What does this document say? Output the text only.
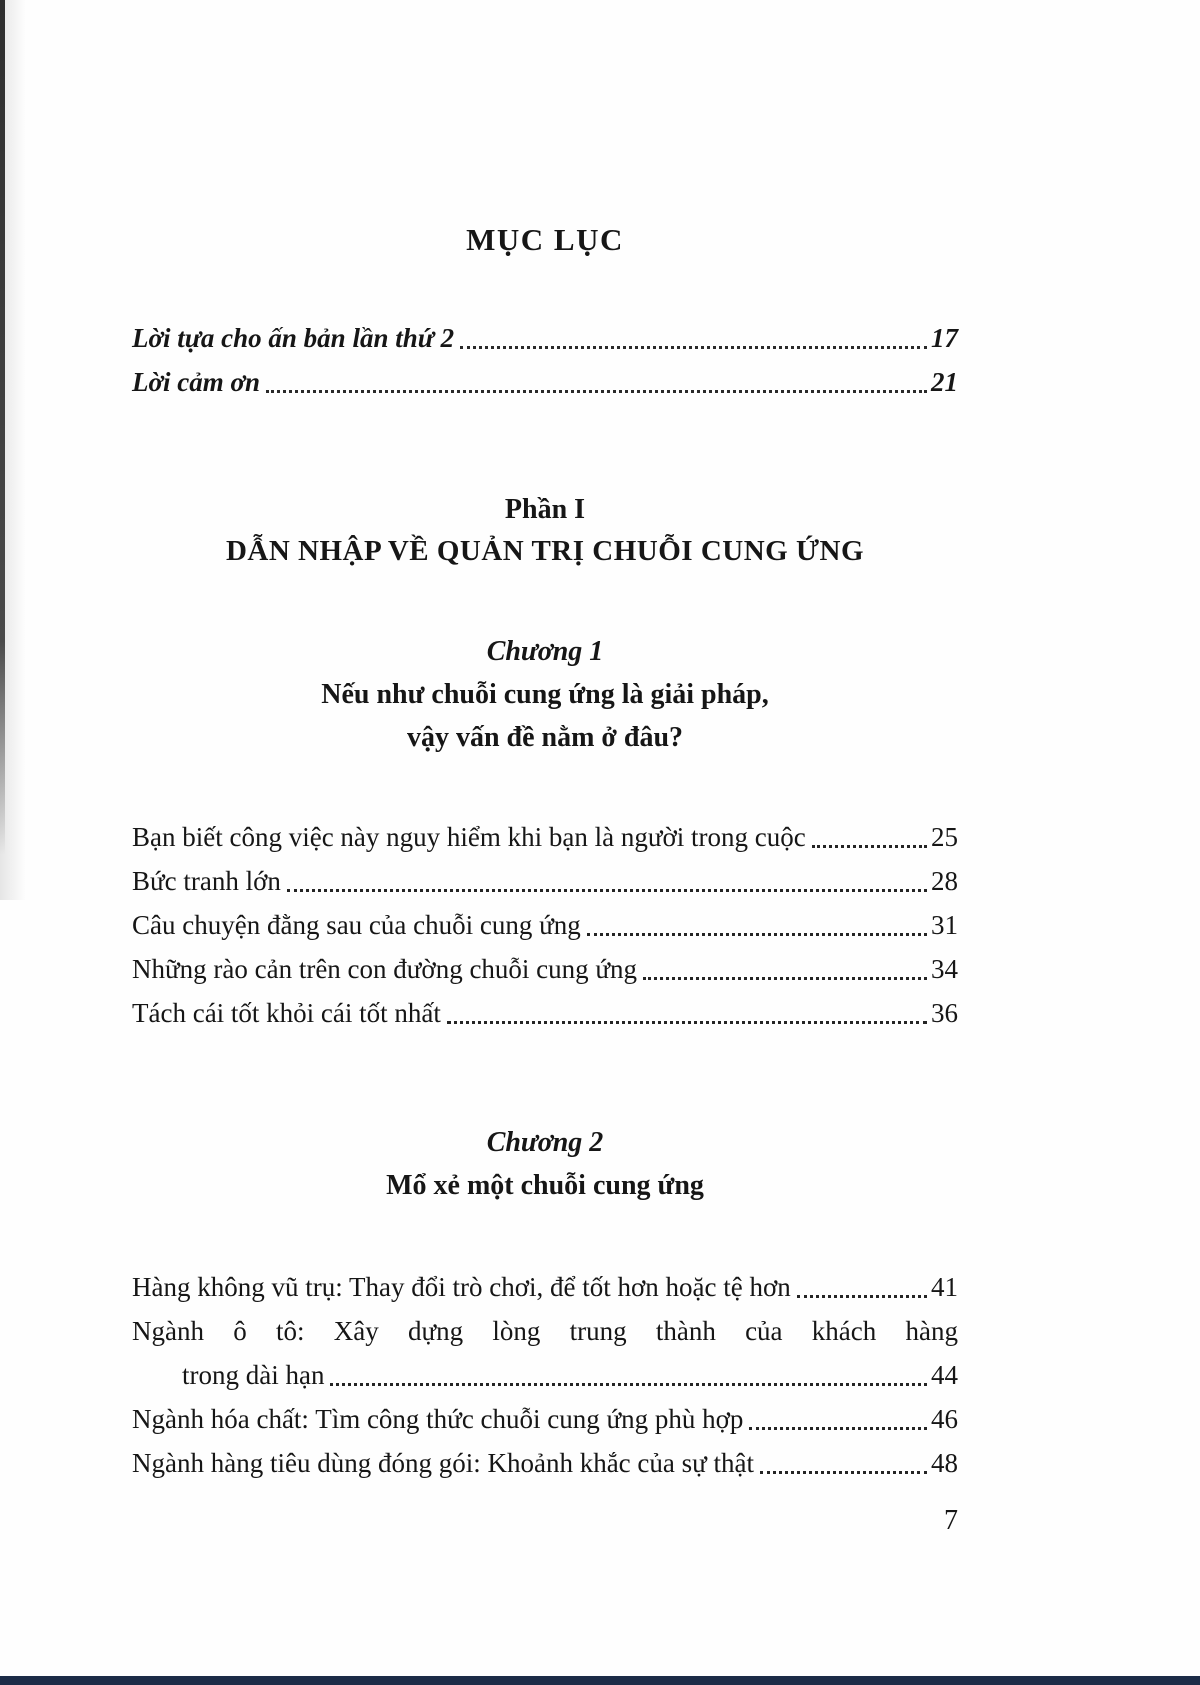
MỤC LỤC
Lời tựa cho ấn bản lần thứ 2	17
Lời cảm ơn	21
Phần I
DẪN NHẬP VỀ QUẢN TRỊ CHUỖI CUNG ỨNG
Chương 1
Nếu như chuỗi cung ứng là giải pháp,
vậy vấn đề nằm ở đâu?
Bạn biết công việc này nguy hiểm khi bạn là người trong cuộc	25
Bức tranh lớn	28
Câu chuyện đằng sau của chuỗi cung ứng	31
Những rào cản trên con đường chuỗi cung ứng	34
Tách cái tốt khỏi cái tốt nhất	36
Chương 2
Mổ xẻ một chuỗi cung ứng
Hàng không vũ trụ: Thay đổi trò chơi, để tốt hơn hoặc tệ hơn	41
Ngành ô tô: Xây dựng lòng trung thành của khách hàng
trong dài hạn	44
Ngành hóa chất: Tìm công thức chuỗi cung ứng phù hợp	46
Ngành hàng tiêu dùng đóng gói: Khoảnh khắc của sự thật	48
7
